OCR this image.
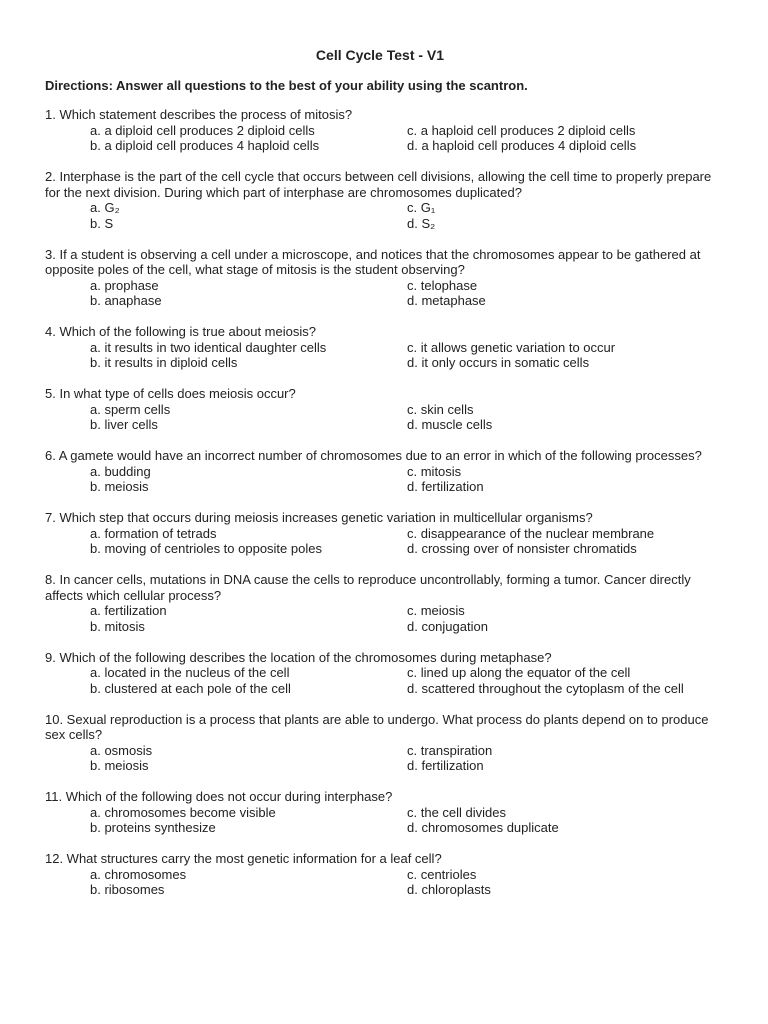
Cell Cycle Test - V1
Directions: Answer all questions to the best of your ability using the scantron.

1. Which statement describes the process of mitosis?

a. a diploid cell produces 2 diploid cells	c. a haploid cell produces 2 diploid cells
b. a diploid cell produces 4 haploid cells	d. a haploid cell produces 4 diploid cells

2. Interphase is the part of the cell cycle that occurs between cell divisions, allowing the cell time to properly prepare for the next division. During which part of interphase are chromosomes duplicated?

a. G₂	c. G₁
b. S	d. S₂

3. If a student is observing a cell under a microscope, and notices that the chromosomes appear to be gathered at opposite poles of the cell, what stage of mitosis is the student observing?

a. prophase	c. telophase
b. anaphase	d. metaphase

4. Which of the following is true about meiosis?

a. it results in two identical daughter cells	c. it allows genetic variation to occur
b. it results in diploid cells	d. it only occurs in somatic cells

5. In what type of cells does meiosis occur?

a. sperm cells	c. skin cells
b. liver cells	d. muscle cells

6. A gamete would have an incorrect number of chromosomes due to an error in which of the following processes?

a. budding	c. mitosis
b. meiosis	d. fertilization

7. Which step that occurs during meiosis increases genetic variation in multicellular organisms?

a. formation of tetrads	c. disappearance of the nuclear membrane
b. moving of centrioles to opposite poles	d. crossing over of nonsister chromatids

8. In cancer cells, mutations in DNA cause the cells to reproduce uncontrollably, forming a tumor. Cancer directly affects which cellular process?

a. fertilization	c. meiosis
b. mitosis	d. conjugation

9. Which of the following describes the location of the chromosomes during metaphase?

a. located in the nucleus of the cell	c. lined up along the equator of the cell
b. clustered at each pole of the cell	d. scattered throughout the cytoplasm of the cell

10. Sexual reproduction is a process that plants are able to undergo. What process do plants depend on to produce sex cells?

a. osmosis	c. transpiration
b. meiosis	d. fertilization

11. Which of the following does not occur during interphase?

a. chromosomes become visible	c. the cell divides
b. proteins synthesize	d. chromosomes duplicate

12. What structures carry the most genetic information for a leaf cell?

a. chromosomes	c. centrioles
b. ribosomes	d. chloroplasts
